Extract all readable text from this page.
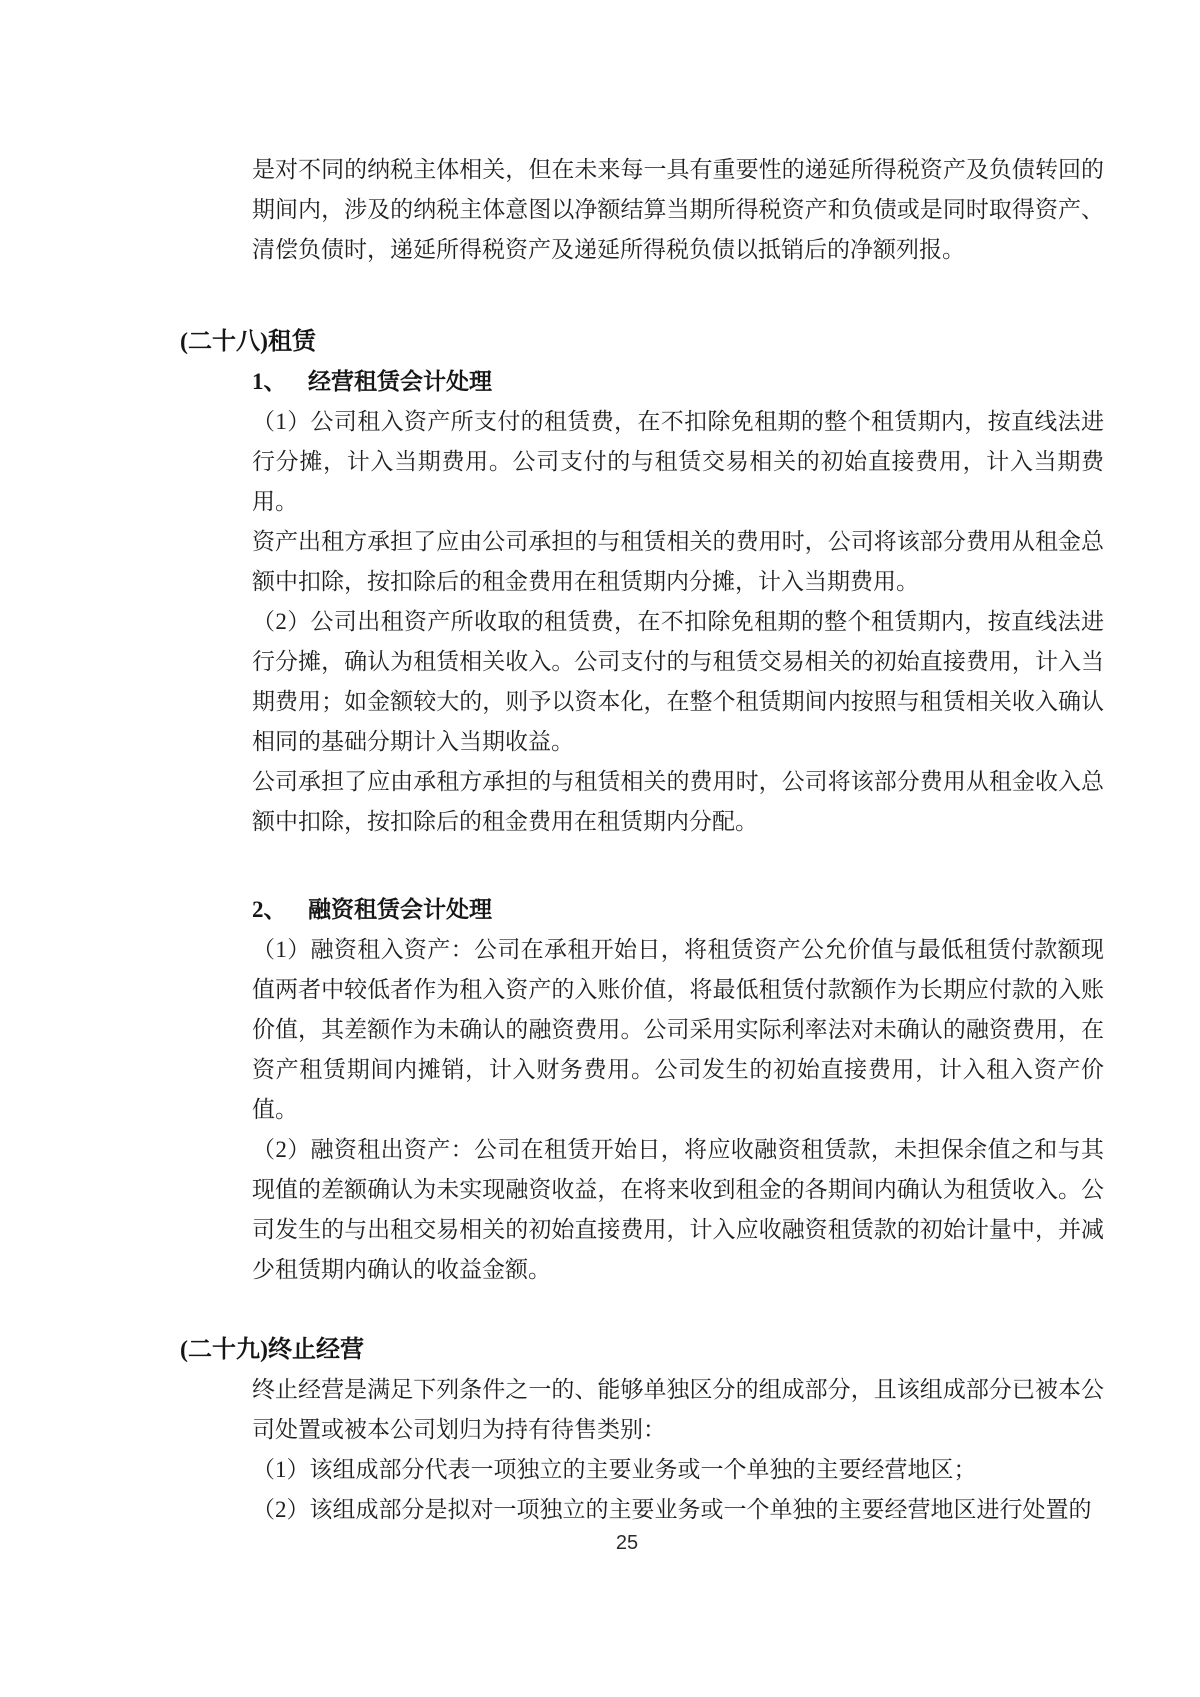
是对不同的纳税主体相关，但在未来每一具有重要性的递延所得税资产及负债转回的期间内，涉及的纳税主体意图以净额结算当期所得税资产和负债或是同时取得资产、清偿负债时，递延所得税资产及递延所得税负债以抵销后的净额列报。

(二十八)租赁
1、 经营租赁会计处理

（1）公司租入资产所支付的租赁费，在不扣除免租期的整个租赁期内，按直线法进行分摊，计入当期费用。公司支付的与租赁交易相关的初始直接费用，计入当期费用。

资产出租方承担了应由公司承担的与租赁相关的费用时，公司将该部分费用从租金总额中扣除，按扣除后的租金费用在租赁期内分摊，计入当期费用。

（2）公司出租资产所收取的租赁费，在不扣除免租期的整个租赁期内，按直线法进行分摊，确认为租赁相关收入。公司支付的与租赁交易相关的初始直接费用，计入当期费用；如金额较大的，则予以资本化，在整个租赁期间内按照与租赁相关收入确认相同的基础分期计入当期收益。

公司承担了应由承租方承担的与租赁相关的费用时，公司将该部分费用从租金收入总额中扣除，按扣除后的租金费用在租赁期内分配。

2、 融资租赁会计处理

（1）融资租入资产：公司在承租开始日，将租赁资产公允价值与最低租赁付款额现值两者中较低者作为租入资产的入账价值，将最低租赁付款额作为长期应付款的入账价值，其差额作为未确认的融资费用。公司采用实际利率法对未确认的融资费用，在资产租赁期间内摊销，计入财务费用。公司发生的初始直接费用，计入租入资产价值。

（2）融资租出资产：公司在租赁开始日，将应收融资租赁款，未担保余值之和与其现值的差额确认为未实现融资收益，在将来收到租金的各期间内确认为租赁收入。公司发生的与出租交易相关的初始直接费用，计入应收融资租赁款的初始计量中，并减少租赁期内确认的收益金额。

(二十九)终止经营

终止经营是满足下列条件之一的、能够单独区分的组成部分，且该组成部分已被本公司处置或被本公司划归为持有待售类别：

（1）该组成部分代表一项独立的主要业务或一个单独的主要经营地区；

（2）该组成部分是拟对一项独立的主要业务或一个单独的主要经营地区进行处置的

25
